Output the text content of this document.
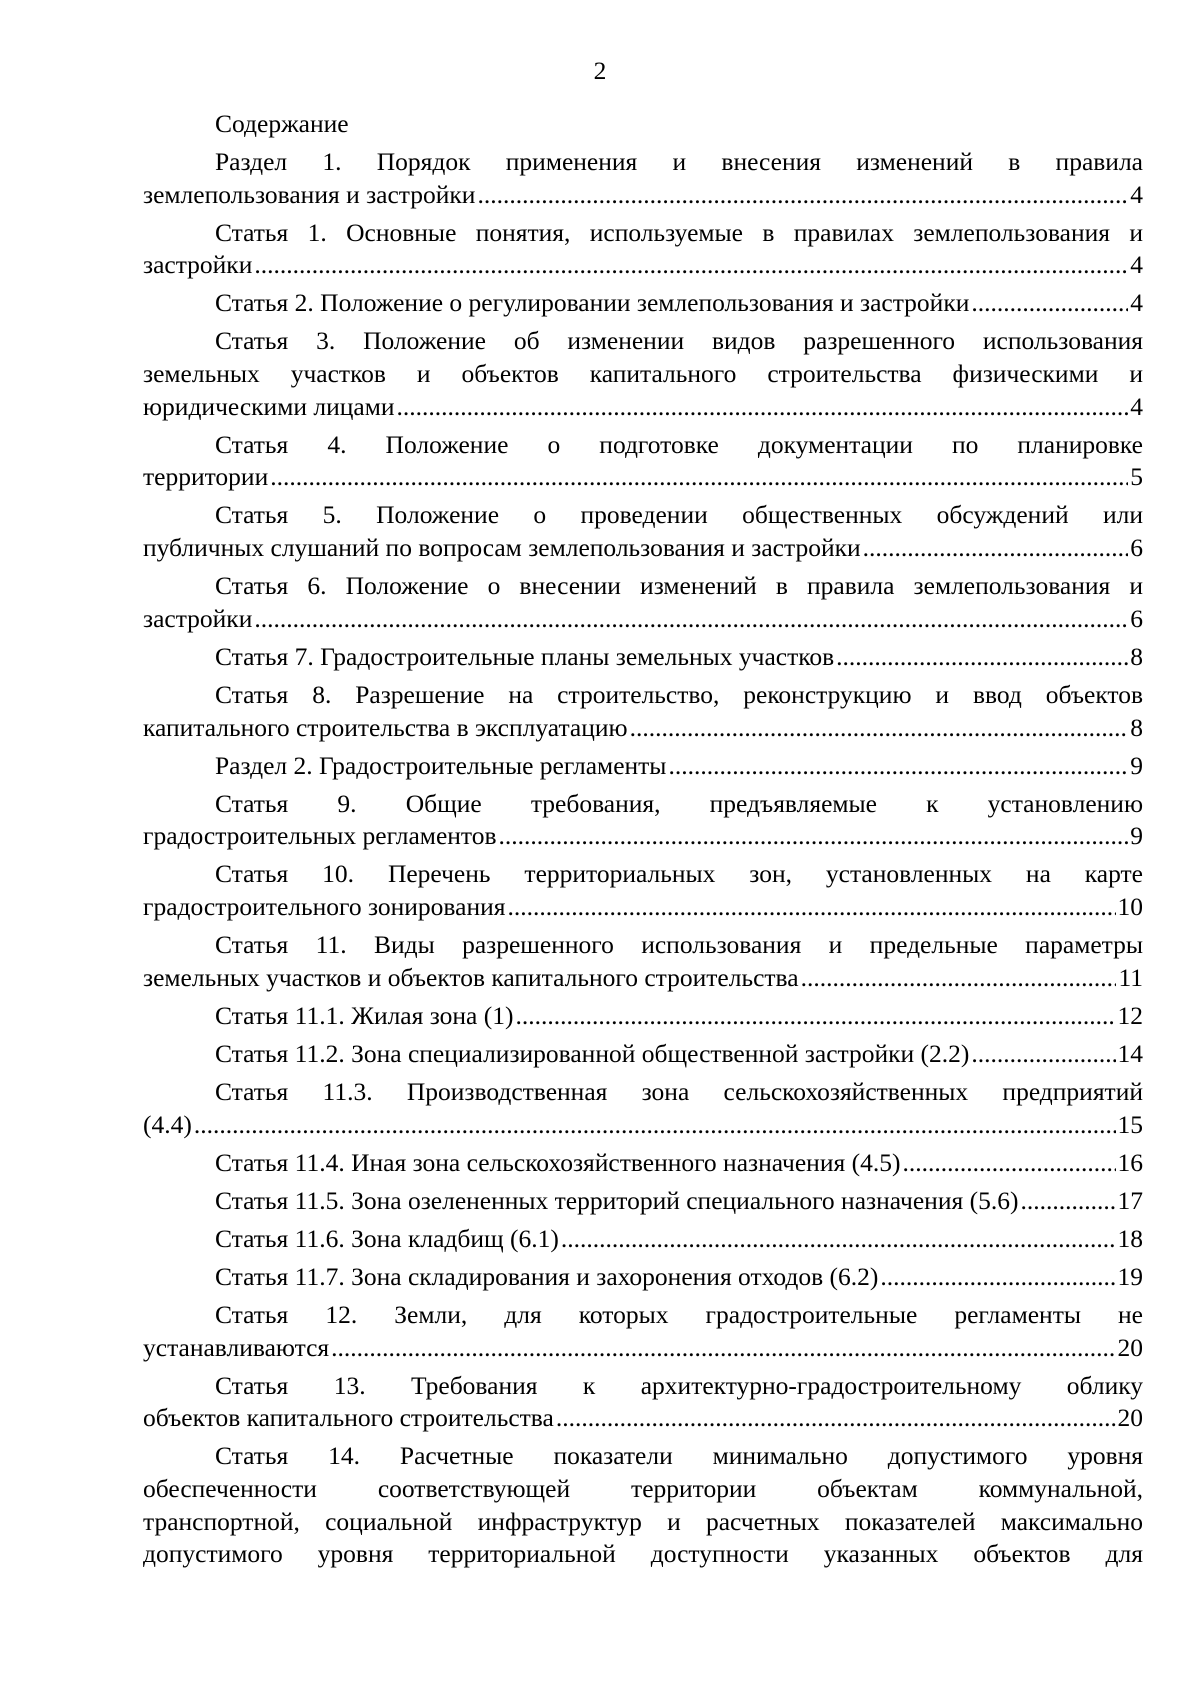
2
Содержание
Раздел 1. Порядок применения и внесения изменений в правила
землепользования и застройки .....	4
Статья 1. Основные понятия, используемые в правилах землепользования и
застройки .....	4
Статья 2. Положение о регулировании землепользования и застройки .....	4
Статья 3. Положение об изменении видов разрешенного использования
земельных участков и объектов капитального строительства физическими и
юридическими лицами .....	4
Статья 4. Положение о подготовке документации по планировке
территории .....	5
Статья 5. Положение о проведении общественных обсуждений или
публичных слушаний по вопросам землепользования и застройки .....	6
Статья 6. Положение о внесении изменений в правила землепользования и
застройки .....	6
Статья 7. Градостроительные планы земельных участков .....	8
Статья 8. Разрешение на строительство, реконструкцию и ввод объектов
капитального строительства в эксплуатацию .....	8
Раздел 2. Градостроительные регламенты .....	9
Статья 9. Общие требования, предъявляемые к установлению
градостроительных регламентов .....	9
Статья 10. Перечень территориальных зон, установленных на карте
градостроительного зонирования .....	10
Статья 11. Виды разрешенного использования и предельные параметры
земельных участков и объектов капитального строительства .....	11
Статья 11.1. Жилая зона (1) .....	12
Статья 11.2. Зона специализированной общественной застройки (2.2) .....	14
Статья 11.3. Производственная зона сельскохозяйственных предприятий
(4.4) .....	15
Статья 11.4. Иная зона сельскохозяйственного назначения (4.5) .....	16
Статья 11.5. Зона озелененных территорий специального назначения (5.6) .....	17
Статья 11.6. Зона кладбищ (6.1) .....	18
Статья 11.7. Зона складирования и захоронения отходов (6.2) .....	19
Статья 12. Земли, для которых градостроительные регламенты не
устанавливаются .....	20
Статья 13. Требования к архитектурно-градостроительному облику
объектов капитального строительства .....	20
Статья 14. Расчетные показатели минимально допустимого уровня
обеспеченности соответствующей территории объектам коммунальной,
транспортной, социальной инфраструктур и расчетных показателей максимально
допустимого уровня территориальной доступности указанных объектов для
